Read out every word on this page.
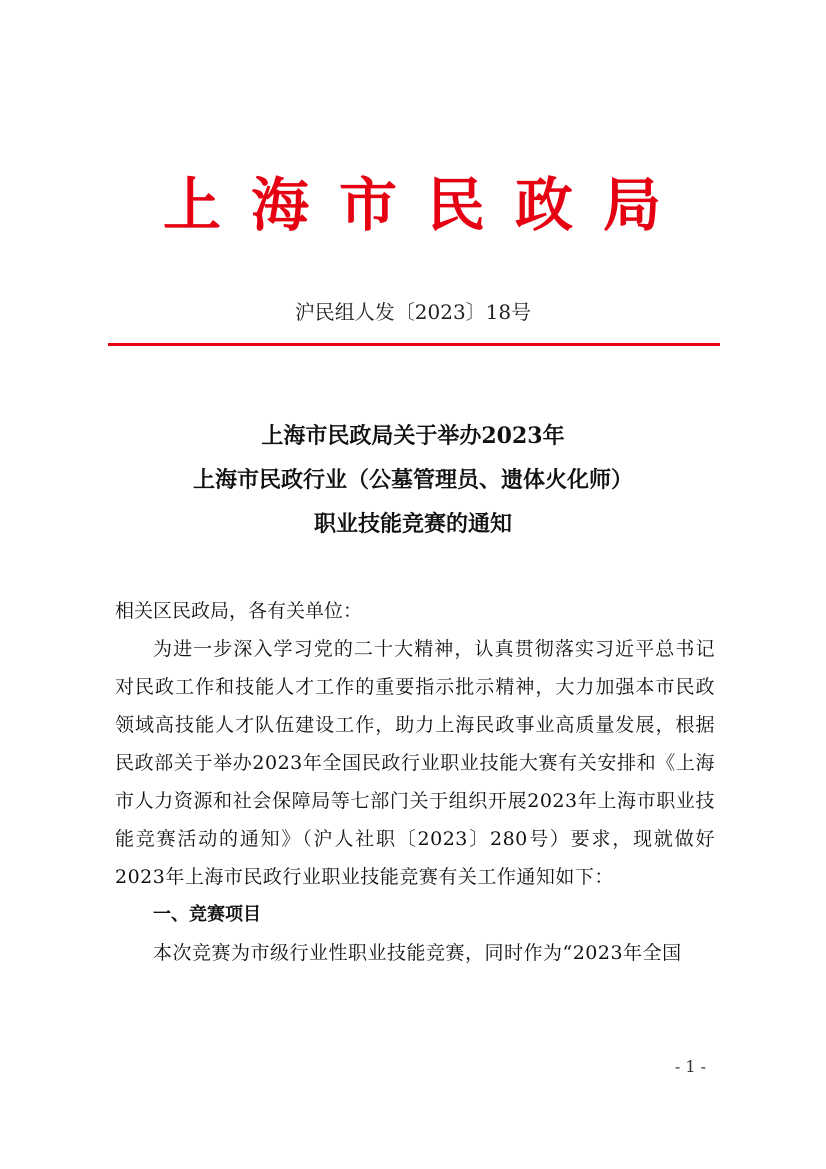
上海市民政局
沪民组人发〔2023〕18号
上海市民政局关于举办2023年
上海市民政行业（公墓管理员、遗体火化师）
职业技能竞赛的通知

相关区民政局，各有关单位：

为进一步深入学习党的二十大精神，认真贯彻落实习近平总书记对民政工作和技能人才工作的重要指示批示精神，大力加强本市民政领域高技能人才队伍建设工作，助力上海民政事业高质量发展，根据民政部关于举办2023年全国民政行业职业技能大赛有关安排和《上海市人力资源和社会保障局等七部门关于组织开展2023年上海市职业技能竞赛活动的通知》（沪人社职〔2023〕280号）要求，现就做好2023年上海市民政行业职业技能竞赛有关工作通知如下：

一、竞赛项目

本次竞赛为市级行业性职业技能竞赛，同时作为“2023年全国

- 1 -
